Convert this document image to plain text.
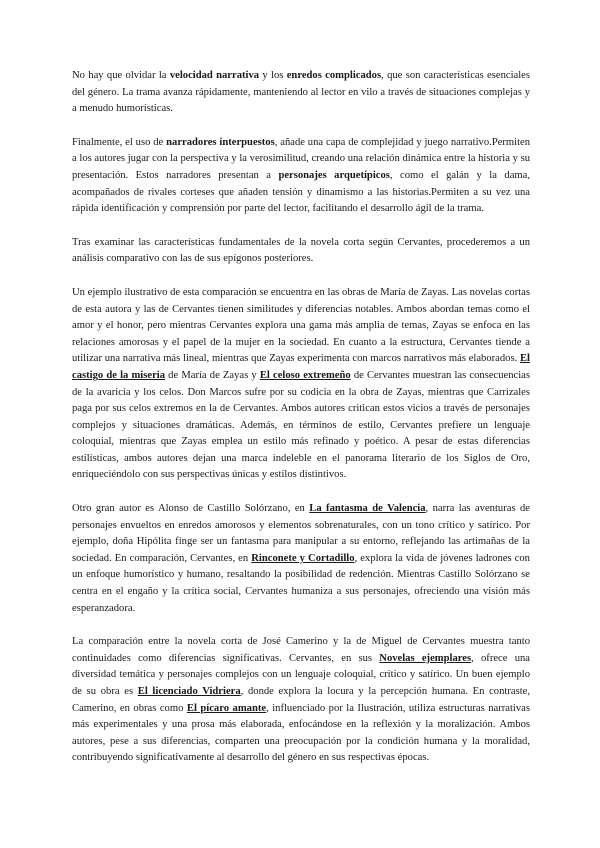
No hay que olvidar la velocidad narrativa y los enredos complicados, que son características esenciales del género. La trama avanza rápidamente, manteniendo al lector en vilo a través de situaciones complejas y a menudo humorísticas.

Finalmente, el uso de narradores interpuestos, añade una capa de complejidad y juego narrativo.Permiten a los autores jugar con la perspectiva y la verosimilitud, creando una relación dinámica entre la historia y su presentación. Estos narradores presentan a personajes arquetípicos, como el galán y la dama, acompañados de rivales corteses que añaden tensión y dinamismo a las historias.Permiten a su vez una rápida identificación y comprensión por parte del lector, facilitando el desarrollo ágil de la trama.

Tras examinar las características fundamentales de la novela corta según Cervantes, procederemos a un análisis comparativo con las de sus epígonos posteriores.

Un ejemplo ilustrativo de esta comparación se encuentra en las obras de María de Zayas. Las novelas cortas de esta autora y las de Cervantes tienen similitudes y diferencias notables. Ambos abordan temas como el amor y el honor, pero mientras Cervantes explora una gama más amplia de temas, Zayas se enfoca en las relaciones amorosas y el papel de la mujer en la sociedad. En cuanto a la estructura, Cervantes tiende a utilizar una narrativa más lineal, mientras que Zayas experimenta con marcos narrativos más elaborados. El castigo de la miseria de María de Zayas y El celoso extremeño de Cervantes muestran las consecuencias de la avaricia y los celos. Don Marcos sufre por su codicia en la obra de Zayas, mientras que Carrizales paga por sus celos extremos en la de Cervantes. Ambos autores critican estos vicios a través de personajes complejos y situaciones dramáticas. Además, en términos de estilo, Cervantes prefiere un lenguaje coloquial, mientras que Zayas emplea un estilo más refinado y poético. A pesar de estas diferencias estilísticas, ambos autores dejan una marca indeleble en el panorama literario de los Siglos de Oro, enriqueciéndolo con sus perspectivas únicas y estilos distintivos.

Otro gran autor es Alonso de Castillo Solórzano, en La fantasma de Valencia, narra las aventuras de personajes envueltos en enredos amorosos y elementos sobrenaturales, con un tono crítico y satírico. Por ejemplo, doña Hipólita finge ser un fantasma para manipular a su entorno, reflejando las artimañas de la sociedad. En comparación, Cervantes, en Rinconete y Cortadillo, explora la vida de jóvenes ladrones con un enfoque humorístico y humano, resaltando la posibilidad de redención. Mientras Castillo Solórzano se centra en el engaño y la crítica social, Cervantes humaniza a sus personajes, ofreciendo una visión más esperanzadora.

La comparación entre la novela corta de José Camerino y la de Miguel de Cervantes muestra tanto continuidades como diferencias significativas. Cervantes, en sus Novelas ejemplares, ofrece una diversidad temática y personajes complejos con un lenguaje coloquial, crítico y satírico. Un buen ejemplo de su obra es El licenciado Vidriera, donde explora la locura y la percepción humana. En contraste, Camerino, en obras como El pícaro amante, influenciado por la Ilustración, utiliza estructuras narrativas más experimentales y una prosa más elaborada, enfocándose en la reflexión y la moralización. Ambos autores, pese a sus diferencias, comparten una preocupación por la condición humana y la moralidad, contribuyendo significativamente al desarrollo del género en sus respectivas épocas.
